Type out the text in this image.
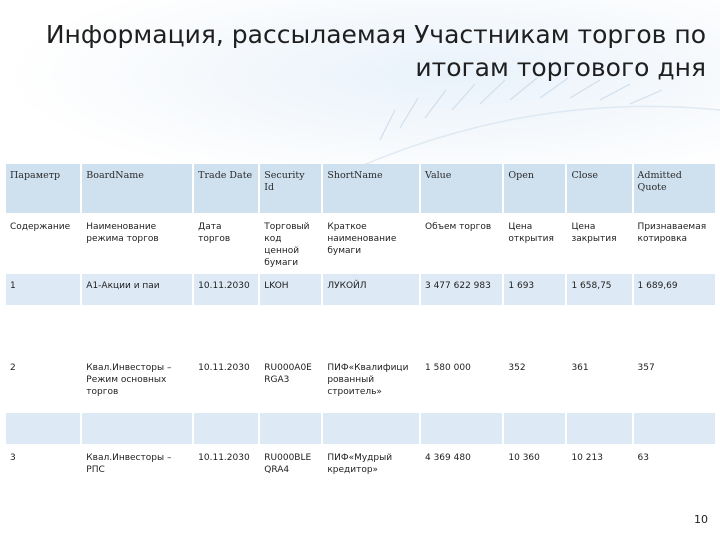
Информация, рассылаемая Участникам торгов по итогам торгового дня
Параметр	BoardName	Trade Date	Security Id	ShortName	Value	Open	Close	Admitted Quote
Содержание	Наименование режима торгов	Дата торгов	Торговый код ценной бумаги	Краткое наименование бумаги	Объем торгов	Цена открытия	Цена закрытия	Признаваемая котировка
1	A1-Акции и паи	10.11.2030	LKOH	ЛУКОЙЛ	3 477 622 983	1 693	1 658,75	1 689,69

2	Квал.Инвесторы – Режим основных торгов	10.11.2030	RU000A0E RGA3	ПИФ«Квалифици рованный строитель»	1 580 000	352	361	357

3	Квал.Инвесторы – РПС	10.11.2030	RU000BLE QRA4	ПИФ«Мудрый кредитор»	4 369 480	10 360	10 213	63
10
